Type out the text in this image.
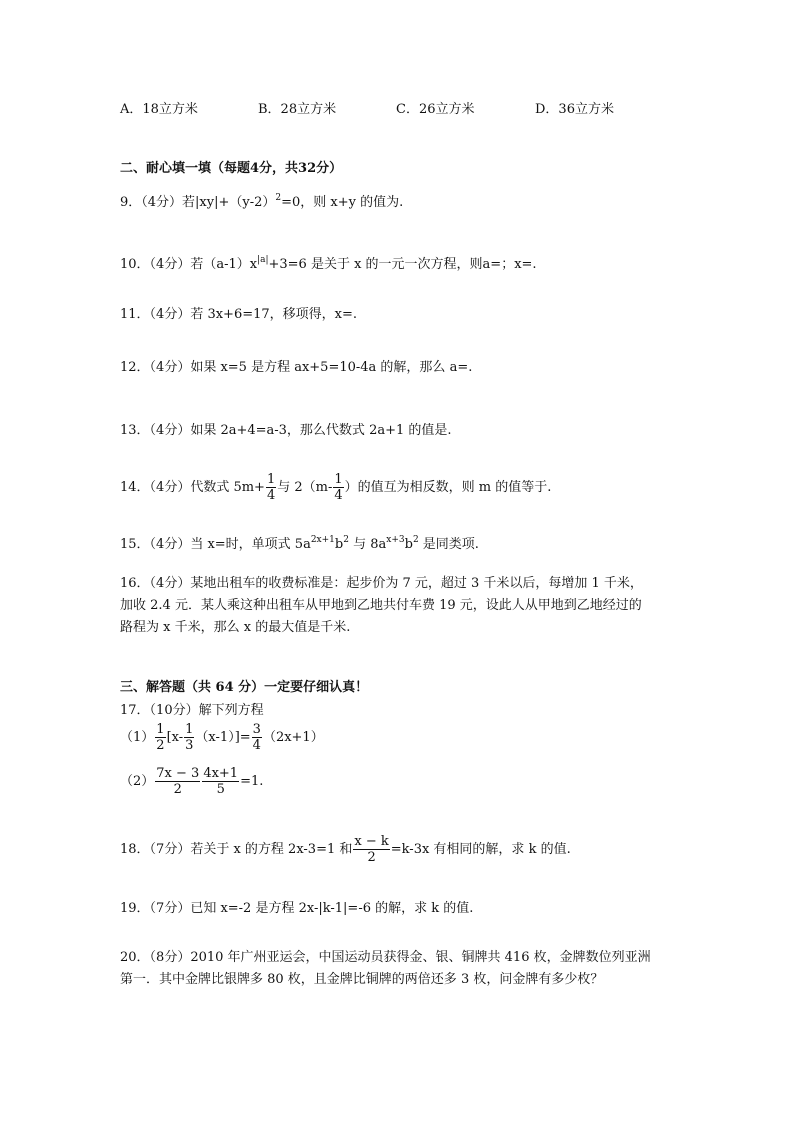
A．18立方米	B．28立方米	C．26立方米	D．36立方米
二、耐心填一填（每题4分，共32分）
9．（4分）若$|xy|+(y-2)^2=0$，则 x+y 的值为.
10．（4分）若$(a-1)x^{|a|}+3=6$ 是关于 x 的一元一次方程，则a=；x=.
11．（4分）若 3x+6=17，移项得，x=.
12．（4分）如果 x=5 是方程 ax+5=10-4a 的解，那么 a=.
13．（4分）如果 2a+4=a-3，那么代数式 2a+1 的值是.
14．（4分）代数式 $5m+ \frac{1}{4}$ 与 $2(m- \frac{1}{4}$ ）的值互为相反数，则 m 的值等于.
15．（4分）当 x=时，单项式 $5a^{2x+1}b^2$ 与 $8a^{x+3}b^2$ 是同类项.
16．（4分）某地出租车的收费标准是：起步价为 7 元，超过 3 千米以后，每增加 1 千米，
加收 2.4 元．某人乘这种出租车从甲地到乙地共付车费 19 元，设此人从甲地到乙地经过的
路程为 x 千米，那么 x 的最大值是千米.
三、解答题（共 64 分）一定要仔细认真！
17．（10分）解下列方程
$(1) \frac{1}{2} [x- \frac{1}{3} (x-1)]= \frac{3}{4} (2x+1)$
$(2) \frac{7x - 3}{2} \frac{4x+1}{5} =1$.
18．（7分）若关于 x 的方程 2x-3=1 和 $\frac{x - k}{2} =k-3x$ 有相同的解，求 k 的值.
19．（7分）已知 x=-2 是方程 2x-|k-1|=-6 的解，求 k 的值.
20．（8分）2010 年广州亚运会，中国运动员获得金、银、铜牌共 416 枚，金牌数位列亚洲
第一．其中金牌比银牌多 80 枚，且金牌比铜牌的两倍还多 3 枚，问金牌有多少枚？
